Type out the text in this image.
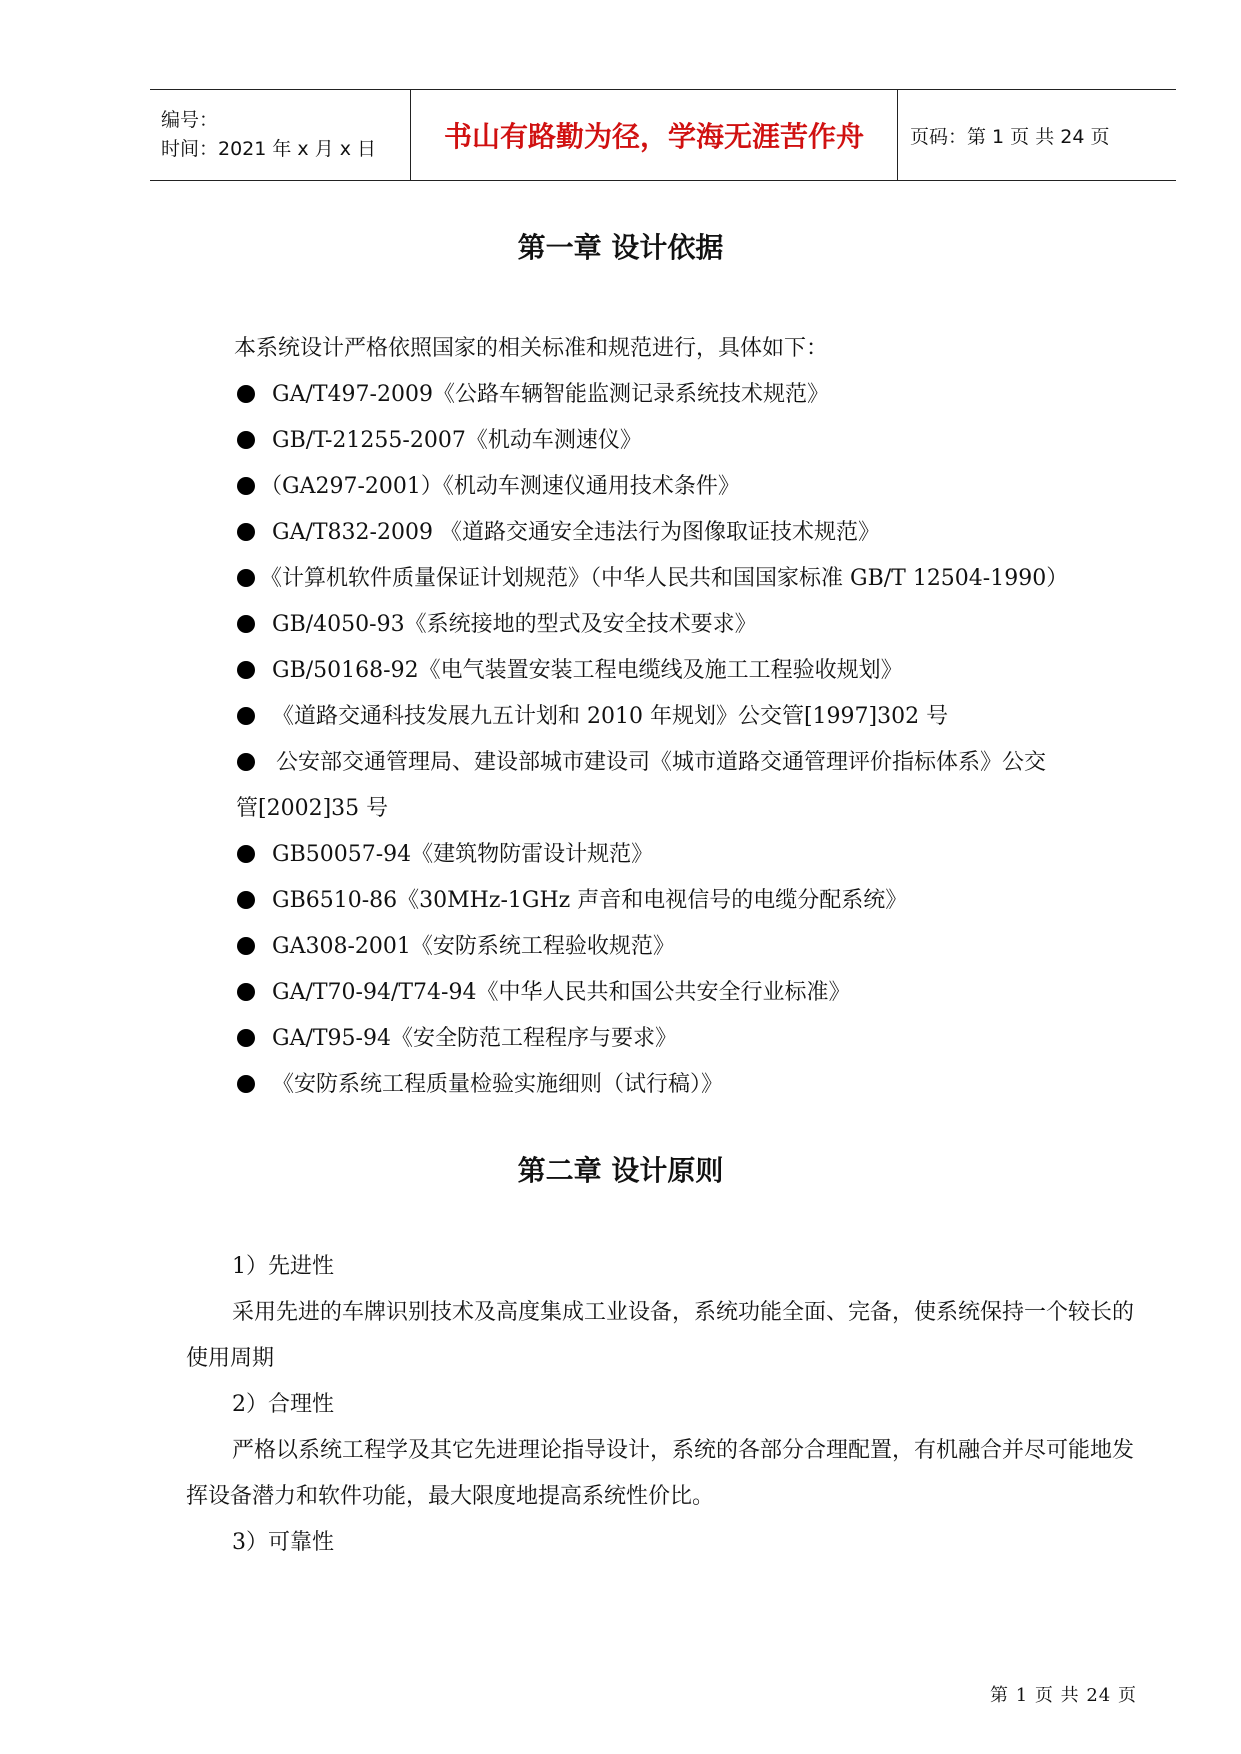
编号：
时间：2021 年 x 月 x 日	书山有路勤为径，学海无涯苦作舟	页码：第 1 页 共 24 页
第一章 设计依据

本系统设计严格依照国家的相关标准和规范进行，具体如下：

GA/T497-2009《公路车辆智能监测记录系统技术规范》
GB/T-21255-2007《机动车测速仪》
（GA297-2001）《机动车测速仪通用技术条件》
GA/T832-2009 《道路交通安全违法行为图像取证技术规范》
《计算机软件质量保证计划规范》（中华人民共和国国家标准 GB/T 12504-1990）
GB/4050-93《系统接地的型式及安全技术要求》
GB/50168-92《电气装置安装工程电缆线及施工工程验收规划》
《道路交通科技发展九五计划和 2010 年规划》公交管[1997]302 号
公安部交通管理局、建设部城市建设司《城市道路交通管理评价指标体系》公交
管[2002]35 号
GB50057-94《建筑物防雷设计规范》
GB6510-86《30MHz-1GHz 声音和电视信号的电缆分配系统》
GA308-2001《安防系统工程验收规范》
GA/T70-94/T74-94《中华人民共和国公共安全行业标准》
GA/T95-94《安全防范工程程序与要求》
《安防系统工程质量检验实施细则（试行稿）》
第二章 设计原则
1）先进性

采用先进的车牌识别技术及高度集成工业设备，系统功能全面、完备，使系统保持一个较长的使用周期

2）合理性

严格以系统工程学及其它先进理论指导设计，系统的各部分合理配置，有机融合并尽可能地发挥设备潜力和软件功能，最大限度地提高系统性价比。

3）可靠性
第 1 页 共 24 页
